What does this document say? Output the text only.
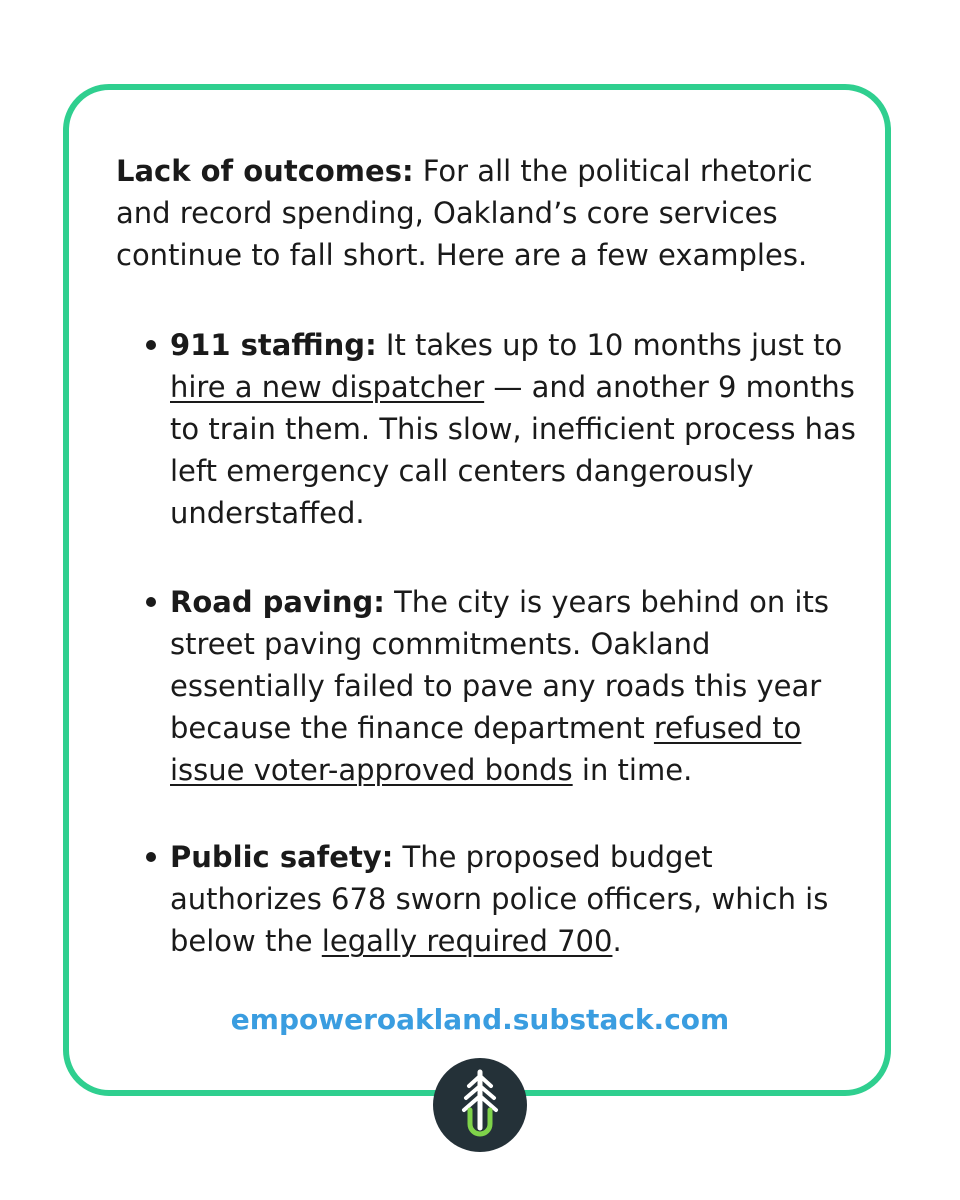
Lack of outcomes: For all the political rhetoric and record spending, Oakland’s core services continue to fall short. Here are a few examples.

911 staffing: It takes up to 10 months just to hire a new dispatcher — and another 9 months to train them. This slow, inefficient process has left emergency call centers dangerously understaffed.
Road paving: The city is years behind on its street paving commitments. Oakland essentially failed to pave any roads this year because the finance department refused to issue voter-approved bonds in time.
Public safety: The proposed budget authorizes 678 sworn police officers, which is below the legally required 700.
empoweroakland.substack.com
